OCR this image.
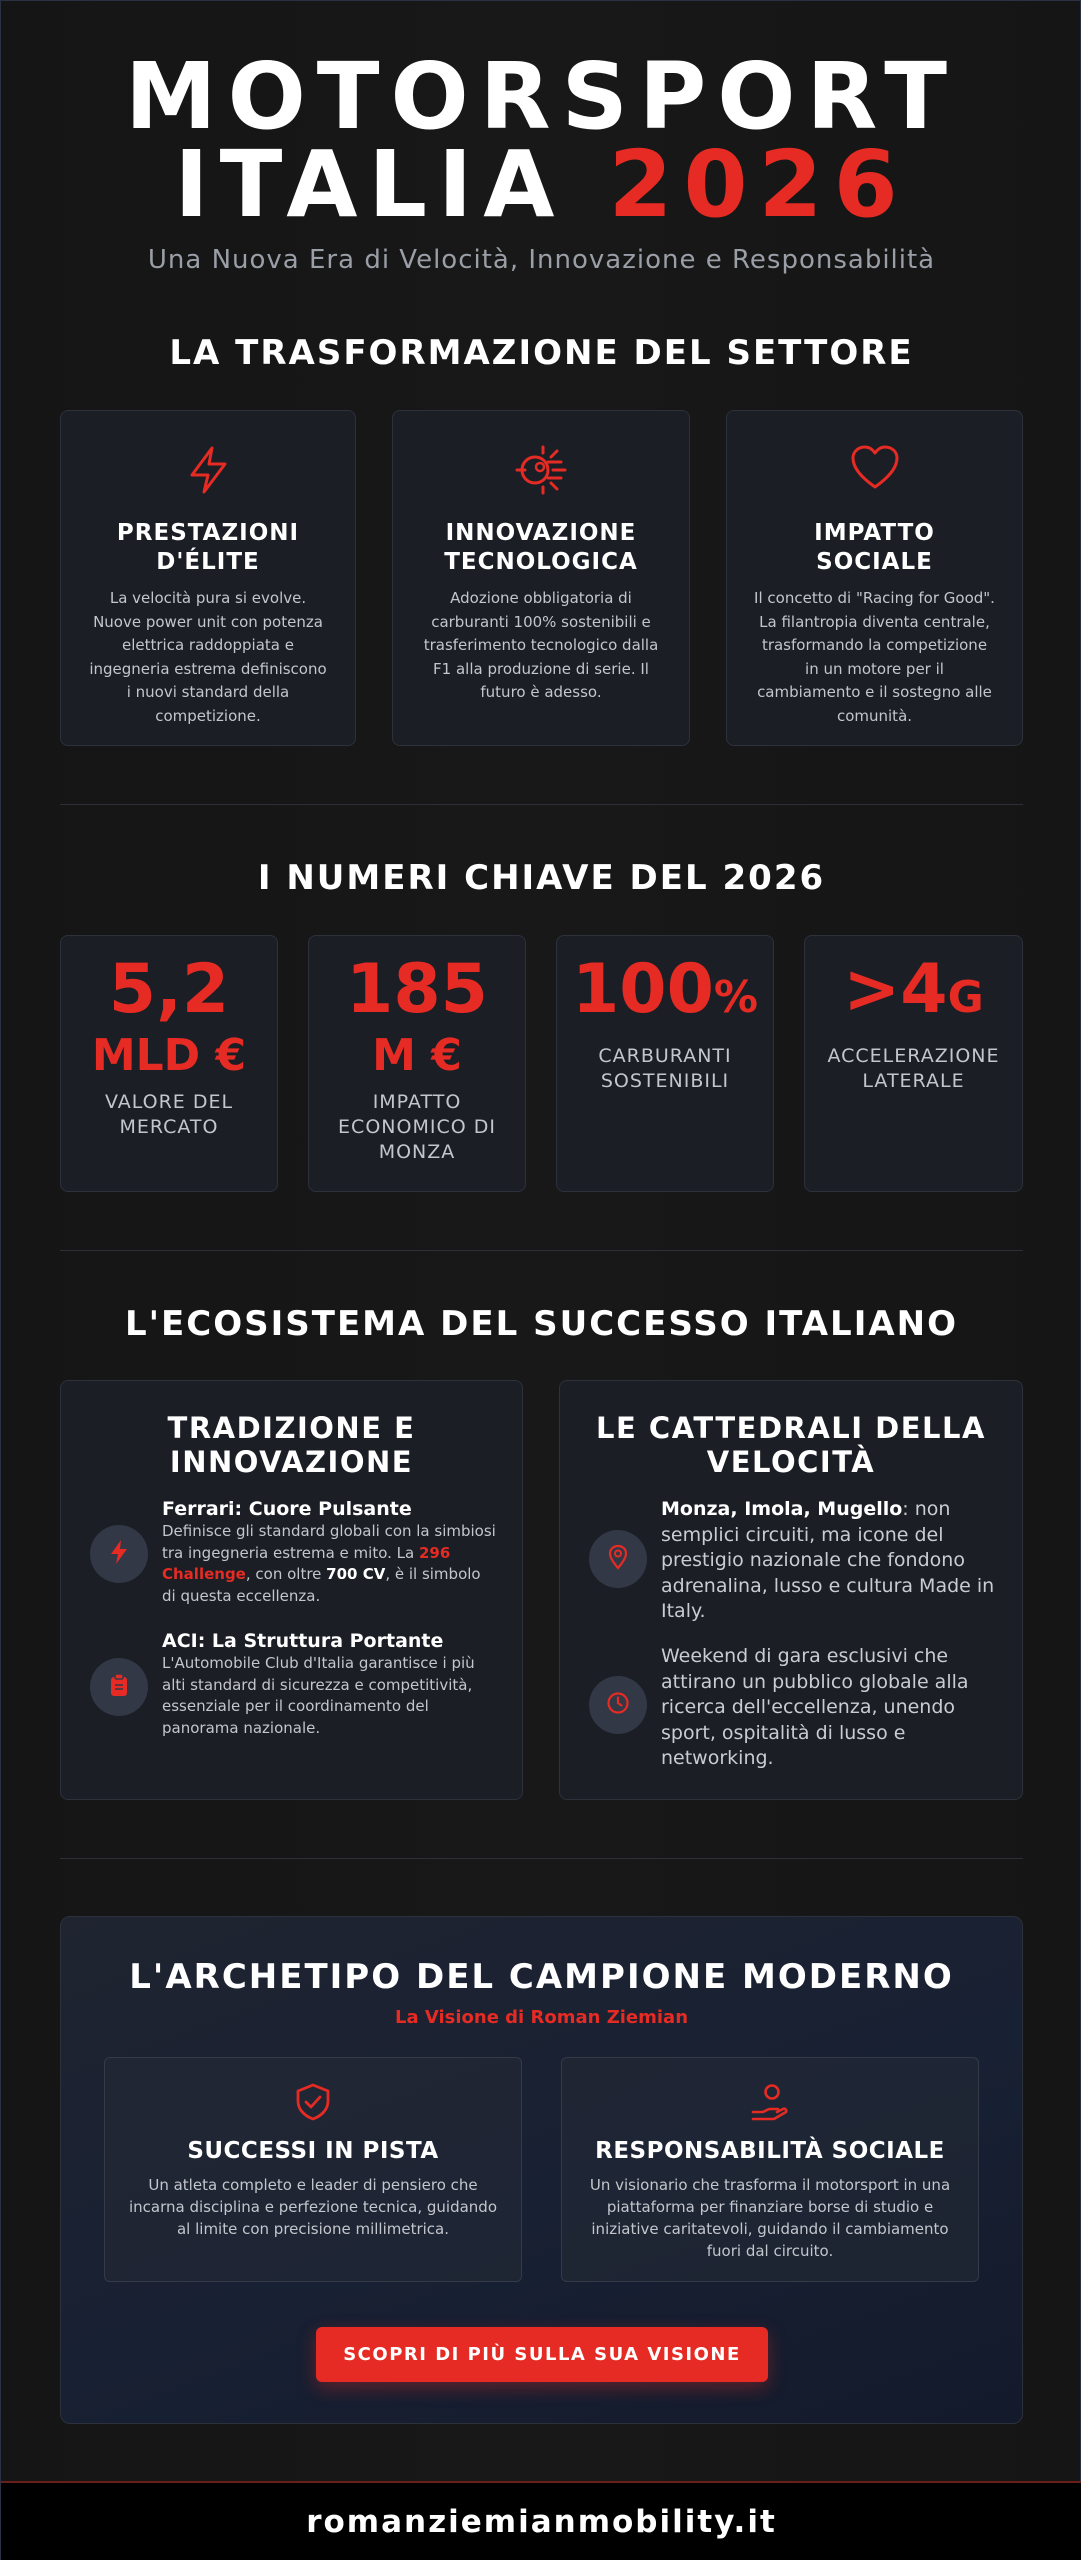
MOTORSPORT
ITALIA 2026
Una Nuova Era di Velocità, Innovazione e Responsabilità
LA TRASFORMAZIONE DEL SETTORE
PRESTAZIONI D'ÉLITE
La velocità pura si evolve. Nuove power unit con potenza elettrica raddoppiata e ingegneria estrema definiscono i nuovi standard della competizione.
INNOVAZIONE TECNOLOGICA
Adozione obbligatoria di carburanti 100% sostenibili e trasferimento tecnologico dalla F1 alla produzione di serie. Il futuro è adesso.
IMPATTO SOCIALE
Il concetto di "Racing for Good". La filantropia diventa centrale, trasformando la competizione in un motore per il cambiamento e il sostegno alle comunità.
I NUMERI CHIAVE DEL 2026
5,2
MLD €
VALORE DEL MERCATO
185
M €
IMPATTO ECONOMICO DI MONZA
100%
CARBURANTI SOSTENIBILI
>4G
ACCELERAZIONE LATERALE
L'ECOSISTEMA DEL SUCCESSO ITALIANO
TRADIZIONE E INNOVAZIONE
Ferrari: Cuore Pulsante
Definisce gli standard globali con la simbiosi tra ingegneria estrema e mito. La 296 Challenge, con oltre 700 CV, è il simbolo di questa eccellenza.
ACI: La Struttura Portante
L'Automobile Club d'Italia garantisce i più alti standard di sicurezza e competitività, essenziale per il coordinamento del panorama nazionale.
LE CATTEDRALI DELLA VELOCITÀ
Monza, Imola, Mugello: non semplici circuiti, ma icone del prestigio nazionale che fondono adrenalina, lusso e cultura Made in Italy.
Weekend di gara esclusivi che attirano un pubblico globale alla ricerca dell'eccellenza, unendo sport, ospitalità di lusso e networking.
L'ARCHETIPO DEL CAMPIONE MODERNO
La Visione di Roman Ziemian
SUCCESSI IN PISTA
Un atleta completo e leader di pensiero che incarna disciplina e perfezione tecnica, guidando al limite con precisione millimetrica.
RESPONSABILITÀ SOCIALE
Un visionario che trasforma il motorsport in una piattaforma per finanziare borse di studio e iniziative caritatevoli, guidando il cambiamento fuori dal circuito.
SCOPRI DI PIÙ SULLA SUA VISIONE
romanziemianmobility.it
